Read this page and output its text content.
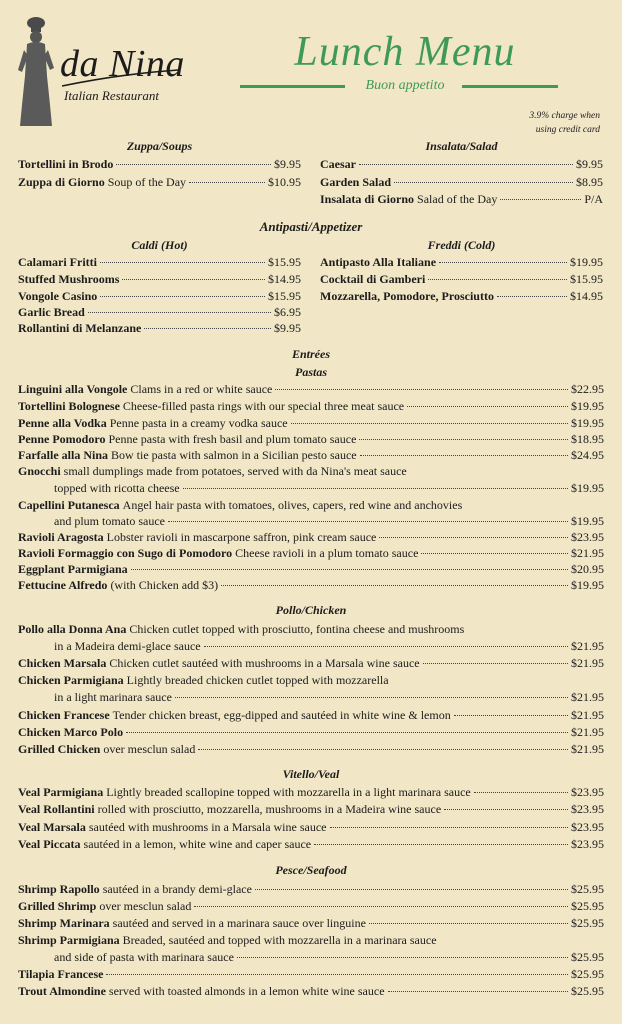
da Nina
Italian Restaurant
Lunch Menu
Buon appetito
3.9% charge when
using credit card
Zuppa/Soups
Tortellini in Brodo	$9.95
Zuppa di Giorno
Soup of the Day	$10.95
Insalata/Salad
Caesar	$9.95
Garden Salad	$8.95
Insalata di Giorno
Salad of the Day	P/A
Antipasti/Appetizer
Caldi (Hot)	Freddi (Cold)
Calamari Fritti	$15.95
Stuffed Mushrooms	$14.95
Vongole Casino	$15.95
Garlic Bread	$6.95
Rollantini di Melanzane	$9.95
Antipasto Alla Italiane	$19.95
Cocktail di Gamberi	$15.95
Mozzarella, Pomodore, Prosciutto	$14.95
Entrées
Pastas
Linguini alla Vongole
Clams in a red or white sauce	$22.95
Tortellini Bolognese
Cheese-filled pasta rings with our special three meat sauce	$19.95
Penne alla Vodka
Penne pasta in a creamy vodka sauce	$19.95
Penne Pomodoro
Penne pasta with fresh basil and plum tomato sauce	$18.95
Farfalle alla Nina
Bow tie pasta with salmon in a Sicilian pesto sauce	$24.95
Gnocchi small dumplings made from potatoes, served with da Nina's meat sauce
topped with ricotta cheese	$19.95
Capellini Putanesca Angel hair pasta with tomatoes, olives, capers, red wine and anchovies
and plum tomato sauce	$19.95
Ravioli Aragosta
Lobster ravioli in mascarpone saffron, pink cream sauce	$23.95
Ravioli Formaggio con Sugo di Pomodoro
Cheese ravioli in a plum tomato sauce	$21.95
Eggplant Parmigiana	$20.95
Fettucine Alfredo
(with Chicken add $3)	$19.95
Pollo/Chicken
Pollo alla Donna Ana Chicken cutlet topped with prosciutto, fontina cheese and mushrooms
in a Madeira demi-glace sauce	$21.95
Chicken Marsala
Chicken cutlet sautéed with mushrooms in a Marsala wine sauce	$21.95
Chicken Parmigiana Lightly breaded chicken cutlet topped with mozzarella
in a light marinara sauce	$21.95
Chicken Francese
Tender chicken breast, egg-dipped and sautéed in white wine & lemon	$21.95
Chicken Marco Polo	$21.95
Grilled Chicken
over mesclun salad	$21.95
Vitello/Veal
Veal Parmigiana
Lightly breaded scallopine topped with mozzarella in a light marinara sauce	$23.95
Veal Rollantini
rolled with prosciutto, mozzarella, mushrooms in a Madeira wine sauce	$23.95
Veal Marsala
sautéed with mushrooms in a Marsala wine sauce	$23.95
Veal Piccata
sautéed in a lemon, white wine and caper sauce	$23.95
Pesce/Seafood
Shrimp Rapollo
sautéed in a brandy demi-glace	$25.95
Grilled Shrimp
over mesclun salad	$25.95
Shrimp Marinara
sautéed and served in a marinara sauce over linguine	$25.95
Shrimp Parmigiana Breaded, sautéed and topped with mozzarella in a marinara sauce
and side of pasta with marinara sauce	$25.95
Tilapia Francese	$25.95
Trout Almondine
served with toasted almonds in a lemon white wine sauce	$25.95
